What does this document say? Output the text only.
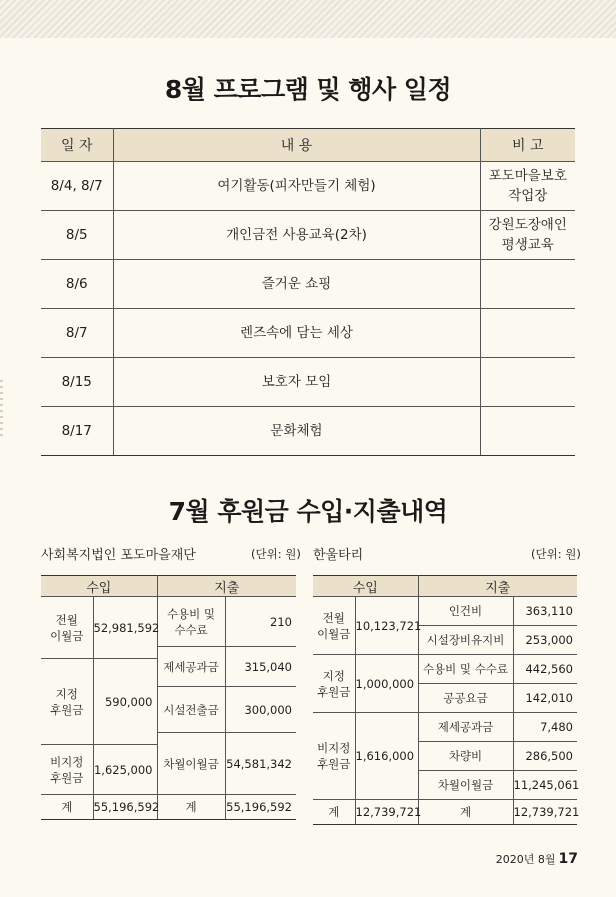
8월 프로그램 및 행사 일정
일 자	내 용	비 고
8/4, 8/7	여기활동(피자만들기 체험)	포도마을보호
작업장
8/5	개인금전 사용교육(2차)	강원도장애인
평생교육
8/6	즐거운 쇼핑	
8/7	렌즈속에 담는 세상	
8/15	보호자 모임	
8/17	문화체험	
7월 후원금 수입·지출내역
사회복지법인 포도마을재단	(단위: 원) 한울타리	(단위: 원)
수입		지출	
전월
이월금	52,981,592	수용비 및
수수료	210
		제세공과금	315,040
지정
후원금	590,000		
		시설전출금	300,000
		차월이월금	54,581,342
비지정
후원금	1,625,000		
계	55,196,592	계	55,196,592
수입		지출	
전월
이월금	10,123,721	인건비	363,110
		시설장비유지비	253,000
지정
후원금	1,000,000	수용비 및 수수료	442,560
		공공요금	142,010
비지정
후원금	1,616,000	제세공과금	7,480
		차량비	286,500
		차월이월금	11,245,061
계	12,739,721	계	12,739,721
2020년 8월 17
